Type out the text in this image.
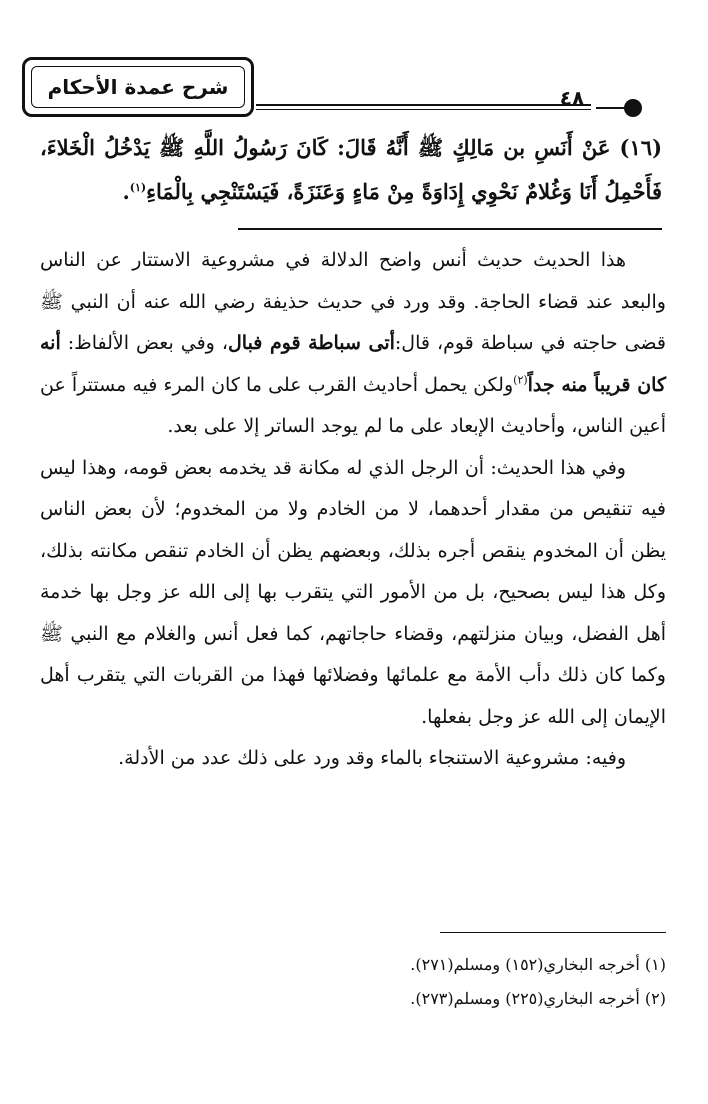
شرح عمدة الأحكام	٤٨
(١٦) عَنْ أَنَسِ بن مَالِكٍ ﷺ أَنَّهُ قَالَ: كَانَ رَسُولُ اللَّهِ ﷺ يَدْخُلُ الْخَلاءَ، فَأَحْمِلُ أَنَا وَغُلامٌ نَحْوِي إِدَاوَةً مِنْ مَاءٍ وَعَنَزَةً، فَيَسْتَنْجِي بِالْمَاءِ$^{(١)}$.

هذا الحديث حديث أنس واضح الدلالة في مشروعية الاستتار عن الناس والبعد عند قضاء الحاجة. وقد ورد في حديث حذيفة رضي الله عنه أن النبي ﷺ قضى حاجته في سباطة قوم، قال:أتى سباطة قوم فبال، وفي بعض الألفاظ: أنه كان قريباً منه جداً$^{(٢)}$ولكن يحمل أحاديث القرب على ما كان المرء فيه مستتراً عن أعين الناس، وأحاديث الإبعاد على ما لم يوجد الساتر إلا على بعد.

وفي هذا الحديث: أن الرجل الذي له مكانة قد يخدمه بعض قومه، وهذا ليس فيه تنقيص من مقدار أحدهما، لا من الخادم ولا من المخدوم؛ لأن بعض الناس يظن أن المخدوم ينقص أجره بذلك، وبعضهم يظن أن الخادم تنقص مكانته بذلك، وكل هذا ليس بصحيح، بل من الأمور التي يتقرب بها إلى الله عز وجل بها خدمة أهل الفضل، وبيان منزلتهم، وقضاء حاجاتهم، كما فعل أنس والغلام مع النبي ﷺ وكما كان ذلك دأب الأمة مع علمائها وفضلائها فهذا من القربات التي يتقرب أهل الإيمان إلى الله عز وجل بفعلها.

وفيه: مشروعية الاستنجاء بالماء وقد ورد على ذلك عدد من الأدلة.

(١) أخرجه البخاري(١٥٢) ومسلم(٢٧١).

(٢) أخرجه البخاري(٢٢٥) ومسلم(٢٧٣).
